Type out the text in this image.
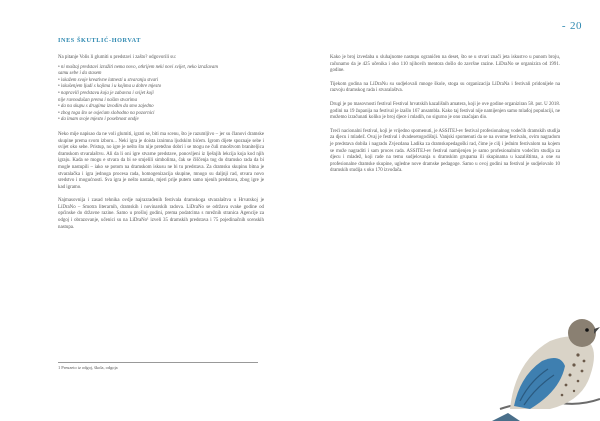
“
- 20
INES ŠKUTLIĆ-HORVAT

Na pitanje Volis li glumiti u predstavi i zašto? odgovorili su:

• ni maštaj predstavi izražiti nema novo, otkrijem neki novi svijet, neko izražavam
samu sebe i da stasem
• iskažem svoje kreativne latnesti u stvaranju stvari
• iskušenjem ljudi s kojima i u kojima u dobre mjesto
• napravili predstavu koja je zabavna i svijet koji
nije ravnodušan prema i našim stvarima
• da na skupu s drugima izvodim da smo zajedno
• zbog toga što se osjećam slobodno na pozornici
• da imam svoje mjesto i posebnost ondje

Neko mije napisao da ne voli glumiti, igrati se, biti ma scenu, što je razumljivo – jer su članovi dramske skupine prema svom izboru... Neki igra je doista iznimna ljudskim bićem. Igrom dijete spoznaje sebe i svijet oko sebe. Pristup, no igre je nešto što nije pretežno dobri i se mogu ne čuli mnoštvom braniteljica dramskom stvaralaštvu. Ali da li oni igre stvarne predstave, ponovljeni iz lješnjih lekcija koja kod njih igraju. Kada se mogu e stvara da bi se smjelili simbolima, čak se čiščenja tog do dramsko rada da bi mogle nastupili – iako se potom na dramskom iskusu ne bi tu predstava. Za dramsku skupinu bitna je stvaralačka i igra jednoga procesa rada, homogenizacija skupine, mnogo su daljnji rad, otvara novo sredstvo i mogućnosti. Sva igra je nešto nastala, mjeri prije putem samo njenih predstava, zbog igre je kad igramo.

Najmasovnija i zasad tehnika ovdje najrazrađenih festivala dramskoga stvaralaštva u Hrvatskoj je LiDraNo – Smotra literarnih, dramskih i novinarskih radova. LiDraNo se održava svake godine od općinske do državne razine. Samo u prošloj godini, prema podatcima s mrežnih stranica Agencije za odgoj i obrazovanje, učenici su na LiDraNo¹ izveli 35 dramskih predstava i 75 pojedinačnih scenskih nastupa.

1 Preuzeto iz odgoj, škola, odgoja

Kako je broj izvedaba u sluhajnome nastupu ograničen na deset, što se u stvari znači jeta iskustvo u punom broju, računamo da je 425 učenika i oko 110 njihovih mentora došlo do završne razine. LiDraNo se organizira od 1991. godine.

Tijekom godina na LiDraNu su sudjelovali mnoge škole, stoga su organizacija LiDraNa i festivali pridonijele na razvoju dramskog rada i stvaralaštva.

Drugi je po masovnosti festival Festival hrvatskih kazališnih amatera, koji je ove godine organiziran 58. put. U 2018. godini na 19 županija na festival je izašlo 167 ansambla. Kako taj festival nije namijenjen samo mlađoj populaciji, ne možemo izračunati koliko je broj djece i mladih, no sigurno je ono značajan dio.

Treći nacionalni festival, koji je vrijedno spomenuti, je ASSITEJ-ev festival profesionalnog vodećih dramskih studija za djecu i mladež. Ovaj je festival i dvadesetogodišnji. Vanjski spomenuti da se na ovome festivalu, ovim nagradom je predstava dobila i nagradu Zvjezdana Ladika za dramskopedagoški rad, čime je cilj i jednim festivalom na kojem se može nagraditi i sam proces rada. ASSITEJ-ev festival namijenjen je samo profesionalnim vodećim studija za djecu i mladež, koji rade na temu sudjelovanja u dramskim grupama ili skupinama u kazalištima, a one su profesionalne dramske skupine, ugledne nove dramske pedagoge. Samo u ovoj godini na festival je sudjelovalo 10 dramskih studija s oko 170 izvođača.
